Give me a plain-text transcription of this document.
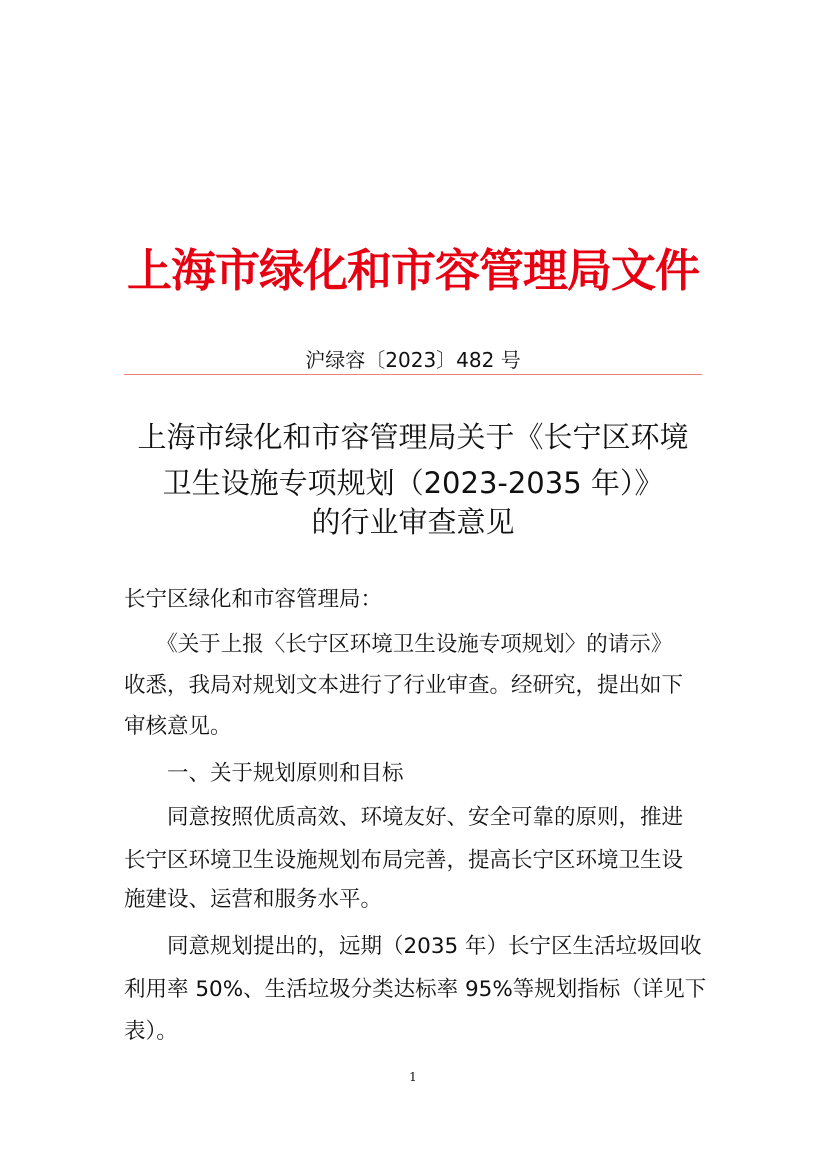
上海市绿化和市容管理局文件
沪绿容〔2023〕482 号
上海市绿化和市容管理局关于《长宁区环境
卫生设施专项规划（2023-2035 年）》
的行业审查意见
长宁区绿化和市容管理局：
　　《关于上报〈长宁区环境卫生设施专项规划〉的请示》
收悉，我局对规划文本进行了行业审查。经研究，提出如下
审核意见。
　　一、关于规划原则和目标
　　同意按照优质高效、环境友好、安全可靠的原则，推进
长宁区环境卫生设施规划布局完善，提高长宁区环境卫生设
施建设、运营和服务水平。
　　同意规划提出的，远期（2035 年）长宁区生活垃圾回收
利用率 50%、生活垃圾分类达标率 95%等规划指标（详见下
表）。
1
